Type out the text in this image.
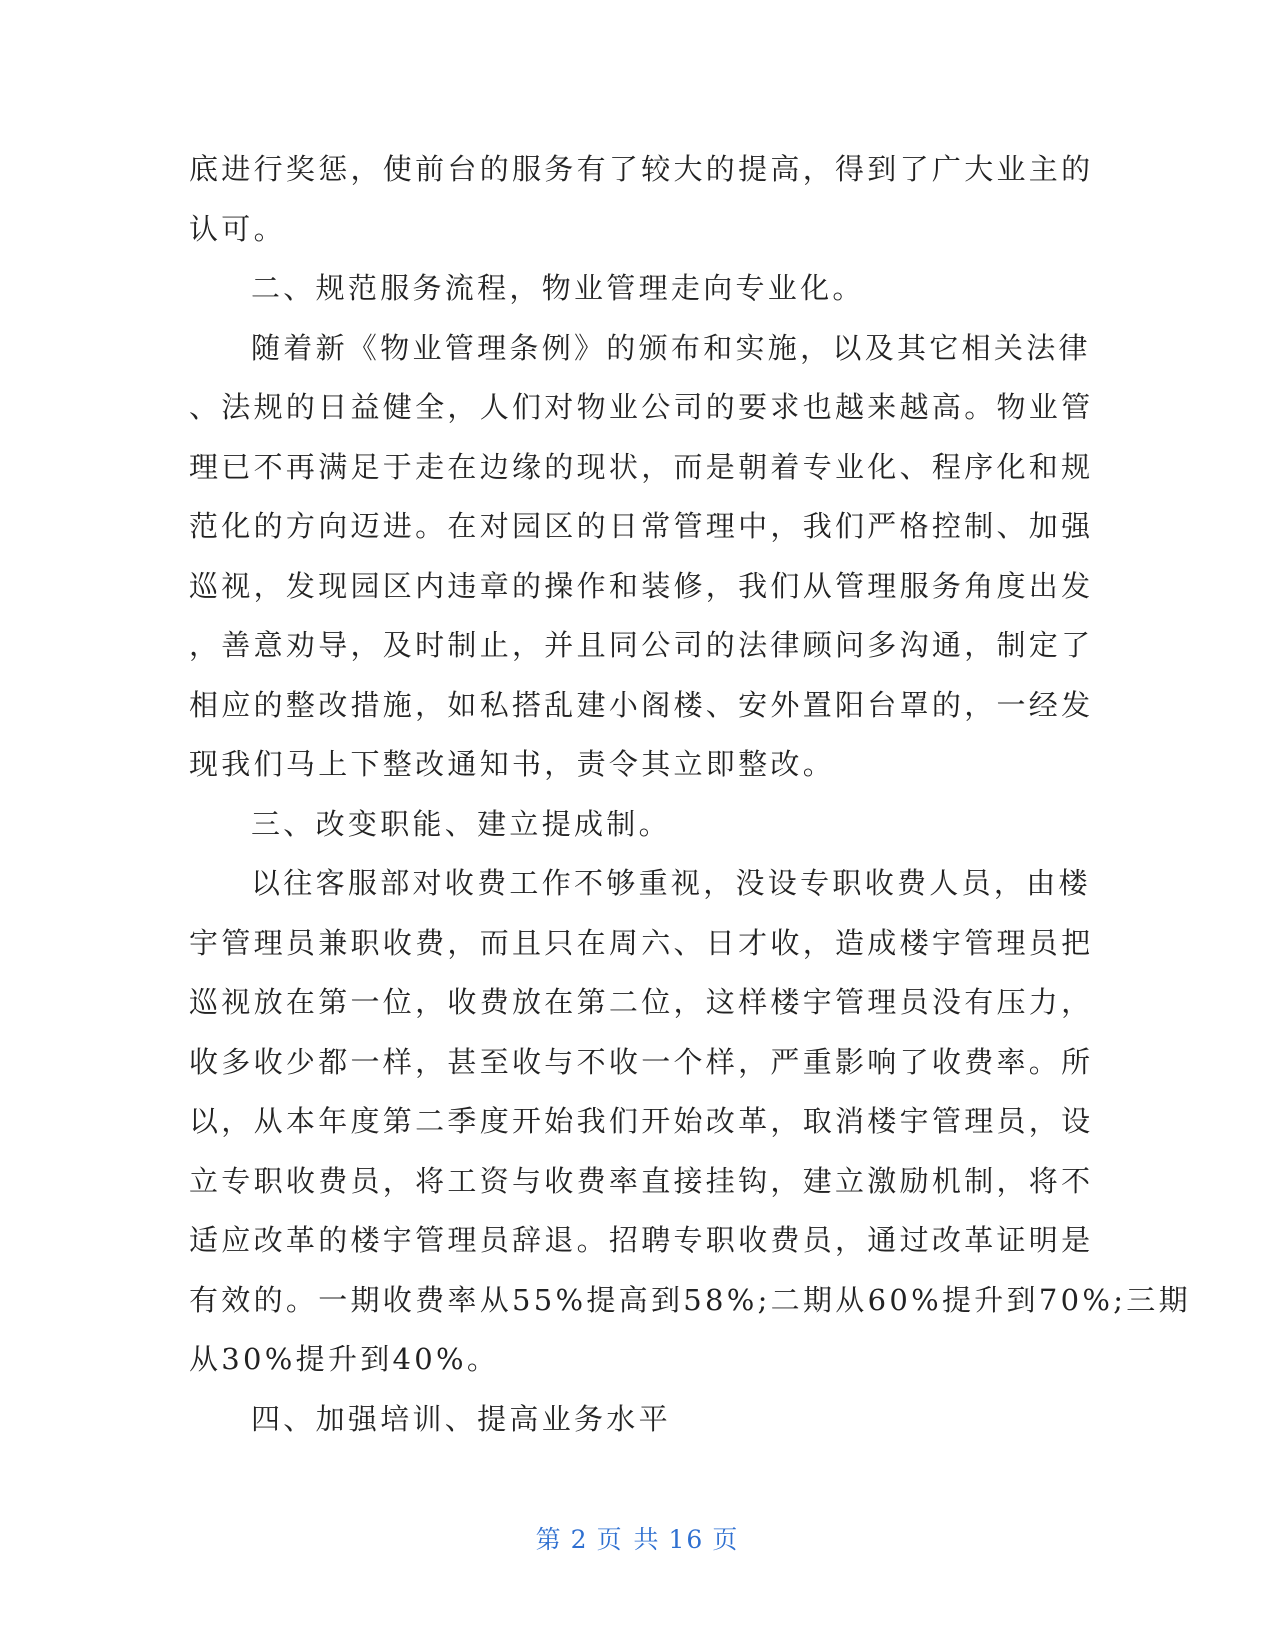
底进行奖惩，使前台的服务有了较大的提高，得到了广大业主的
认可。

二、规范服务流程，物业管理走向专业化。

随着新《物业管理条例》的颁布和实施，以及其它相关法律
、法规的日益健全，人们对物业公司的要求也越来越高。物业管
理已不再满足于走在边缘的现状，而是朝着专业化、程序化和规
范化的方向迈进。在对园区的日常管理中，我们严格控制、加强
巡视，发现园区内违章的操作和装修，我们从管理服务角度出发
，善意劝导，及时制止，并且同公司的法律顾问多沟通，制定了
相应的整改措施，如私搭乱建小阁楼、安外置阳台罩的，一经发
现我们马上下整改通知书，责令其立即整改。

三、改变职能、建立提成制。

以往客服部对收费工作不够重视，没设专职收费人员，由楼
宇管理员兼职收费，而且只在周六、日才收，造成楼宇管理员把
巡视放在第一位，收费放在第二位，这样楼宇管理员没有压力，
收多收少都一样，甚至收与不收一个样，严重影响了收费率。所
以，从本年度第二季度开始我们开始改革，取消楼宇管理员，设
立专职收费员，将工资与收费率直接挂钩，建立激励机制，将不
适应改革的楼宇管理员辞退。招聘专职收费员，通过改革证明是
有效的。一期收费率从55%提高到58%;二期从60%提升到70%;三期
从30%提升到40%。

四、加强培训、提高业务水平

第 2 页 共 16 页
